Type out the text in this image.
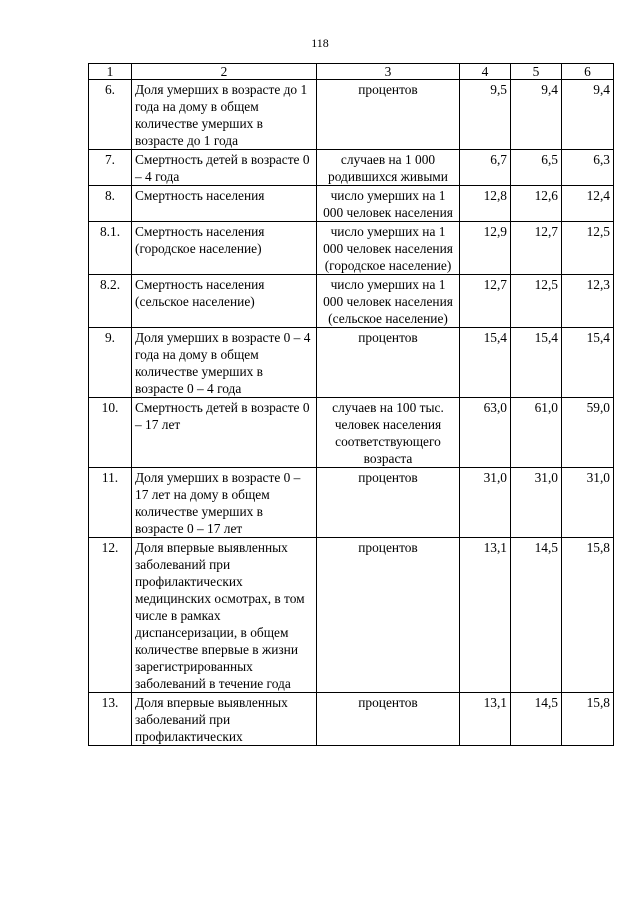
118
1	2	3	4	5	6
6.	Доля умерших в возрасте до 1 года на дому в общем количестве умерших в возрасте до 1 года	процентов	9,5	9,4	9,4
7.	Смертность детей в возрасте 0 – 4 года	случаев на 1 000 родившихся живыми	6,7	6,5	6,3
8.	Смертность населения	число умерших на 1 000 человек населения	12,8	12,6	12,4
8.1.	Смертность населения (городское население)	число умерших на 1 000 человек населения (городское население)	12,9	12,7	12,5
8.2.	Смертность населения (сельское население)	число умерших на 1 000 человек населения (сельское население)	12,7	12,5	12,3
9.	Доля умерших в возрасте 0 – 4 года на дому в общем количестве умерших в возрасте 0 – 4 года	процентов	15,4	15,4	15,4
10.	Смертность детей в возрасте 0 – 17 лет	случаев на 100 тыс. человек населения соответствующего возраста	63,0	61,0	59,0
11.	Доля умерших в возрасте 0 – 17 лет на дому в общем количестве умерших в возрасте 0 – 17 лет	процентов	31,0	31,0	31,0
12.	Доля впервые выявленных заболеваний при профилактических медицинских осмотрах, в том числе в рамках диспансеризации, в общем количестве впервые в жизни зарегистрированных заболеваний в течение года	процентов	13,1	14,5	15,8
13.	Доля впервые выявленных заболеваний при профилактических	процентов	13,1	14,5	15,8
